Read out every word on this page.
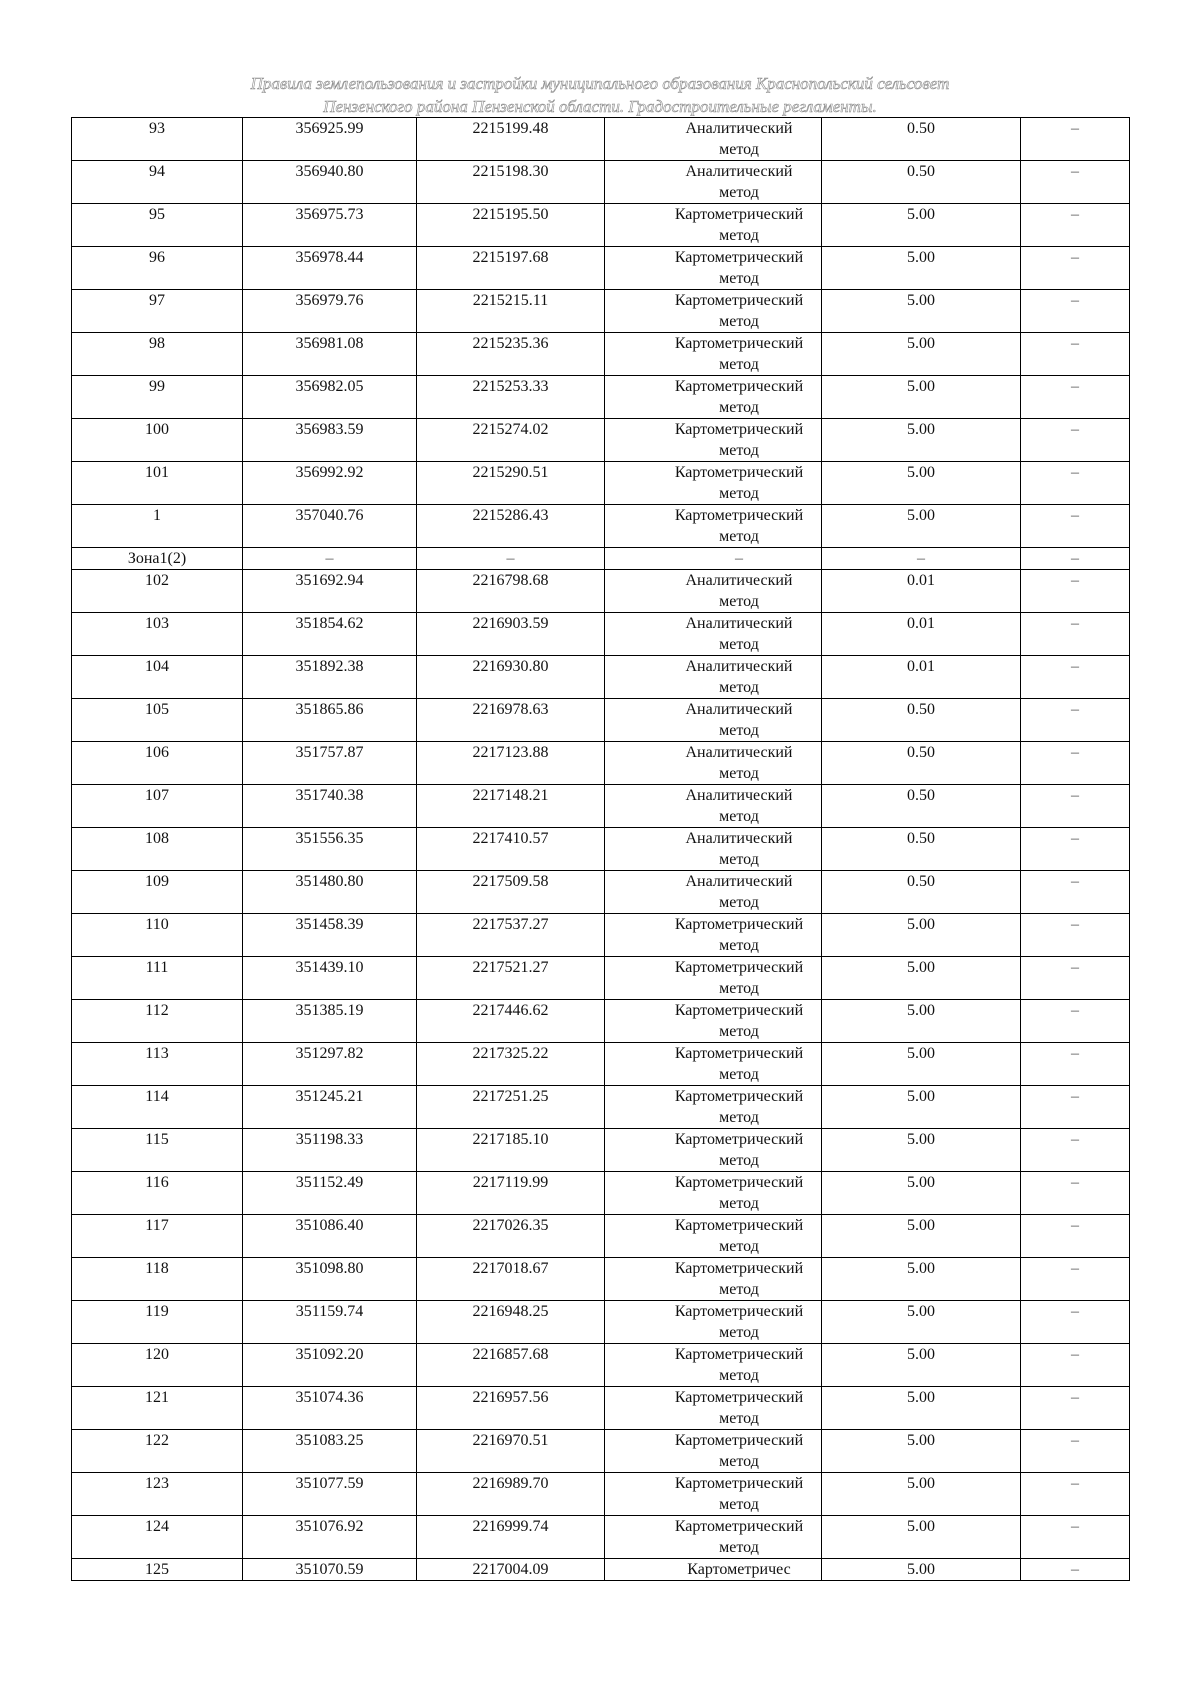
Правила землепользования и застройки муниципального образования Краснопольский сельсовет
Пензенского района Пензенской области. Градостроительные регламенты.
93	356925.99	2215199.48	Аналитический метод	0.50	–
94	356940.80	2215198.30	Аналитический метод	0.50	–
95	356975.73	2215195.50	Картометрический метод	5.00	–
96	356978.44	2215197.68	Картометрический метод	5.00	–
97	356979.76	2215215.11	Картометрический метод	5.00	–
98	356981.08	2215235.36	Картометрический метод	5.00	–
99	356982.05	2215253.33	Картометрический метод	5.00	–
100	356983.59	2215274.02	Картометрический метод	5.00	–
101	356992.92	2215290.51	Картометрический метод	5.00	–
1	357040.76	2215286.43	Картометрический метод	5.00	–
Зона1(2)	–	–	–	–	–
102	351692.94	2216798.68	Аналитический метод	0.01	–
103	351854.62	2216903.59	Аналитический метод	0.01	–
104	351892.38	2216930.80	Аналитический метод	0.01	–
105	351865.86	2216978.63	Аналитический метод	0.50	–
106	351757.87	2217123.88	Аналитический метод	0.50	–
107	351740.38	2217148.21	Аналитический метод	0.50	–
108	351556.35	2217410.57	Аналитический метод	0.50	–
109	351480.80	2217509.58	Аналитический метод	0.50	–
110	351458.39	2217537.27	Картометрический метод	5.00	–
111	351439.10	2217521.27	Картометрический метод	5.00	–
112	351385.19	2217446.62	Картометрический метод	5.00	–
113	351297.82	2217325.22	Картометрический метод	5.00	–
114	351245.21	2217251.25	Картометрический метод	5.00	–
115	351198.33	2217185.10	Картометрический метод	5.00	–
116	351152.49	2217119.99	Картометрический метод	5.00	–
117	351086.40	2217026.35	Картометрический метод	5.00	–
118	351098.80	2217018.67	Картометрический метод	5.00	–
119	351159.74	2216948.25	Картометрический метод	5.00	–
120	351092.20	2216857.68	Картометрический метод	5.00	–
121	351074.36	2216957.56	Картометрический метод	5.00	–
122	351083.25	2216970.51	Картометрический метод	5.00	–
123	351077.59	2216989.70	Картометрический метод	5.00	–
124	351076.92	2216999.74	Картометрический метод	5.00	–
125	351070.59	2217004.09	Картометричес	5.00	–
